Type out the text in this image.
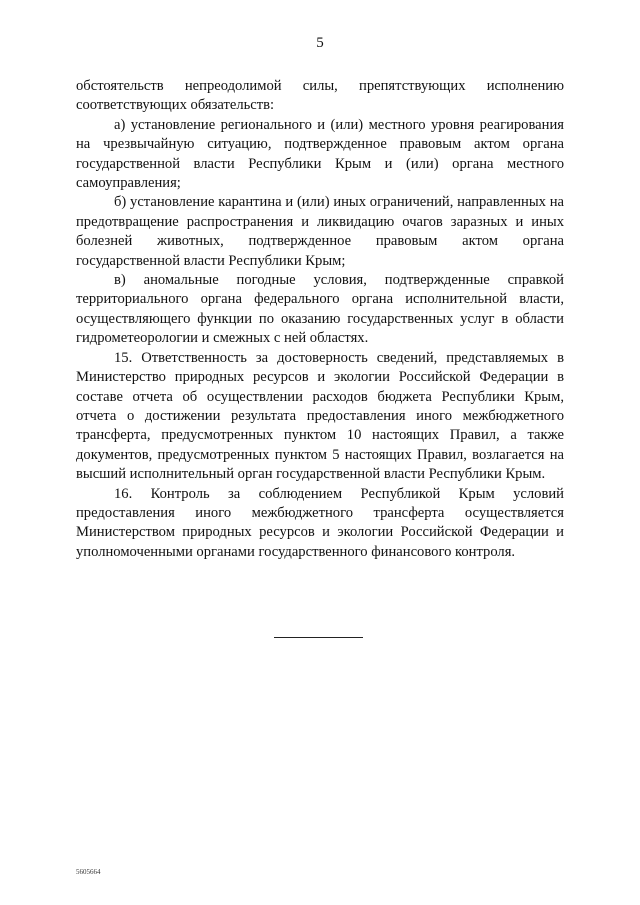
5

обстоятельств непреодолимой силы, препятствующих исполнению соответствующих обязательств:

а) установление регионального и (или) местного уровня реагирования на чрезвычайную ситуацию, подтвержденное правовым актом органа государственной власти Республики Крым и (или) органа местного самоуправления;

б) установление карантина и (или) иных ограничений, направленных на предотвращение распространения и ликвидацию очагов заразных и иных болезней животных, подтвержденное правовым актом органа государственной власти Республики Крым;

в) аномальные погодные условия, подтвержденные справкой территориального органа федерального органа исполнительной власти, осуществляющего функции по оказанию государственных услуг в области гидрометеорологии и смежных с ней областях.

15. Ответственность за достоверность сведений, представляемых в Министерство природных ресурсов и экологии Российской Федерации в составе отчета об осуществлении расходов бюджета Республики Крым, отчета о достижении результата предоставления иного межбюджетного трансферта, предусмотренных пунктом 10 настоящих Правил, а также документов, предусмотренных пунктом 5 настоящих Правил, возлагается на высший исполнительный орган государственной власти Республики Крым.

16. Контроль за соблюдением Республикой Крым условий предоставления иного межбюджетного трансферта осуществляется Министерством природных ресурсов и экологии Российской Федерации и уполномоченными органами государственного финансового контроля.

5605664
